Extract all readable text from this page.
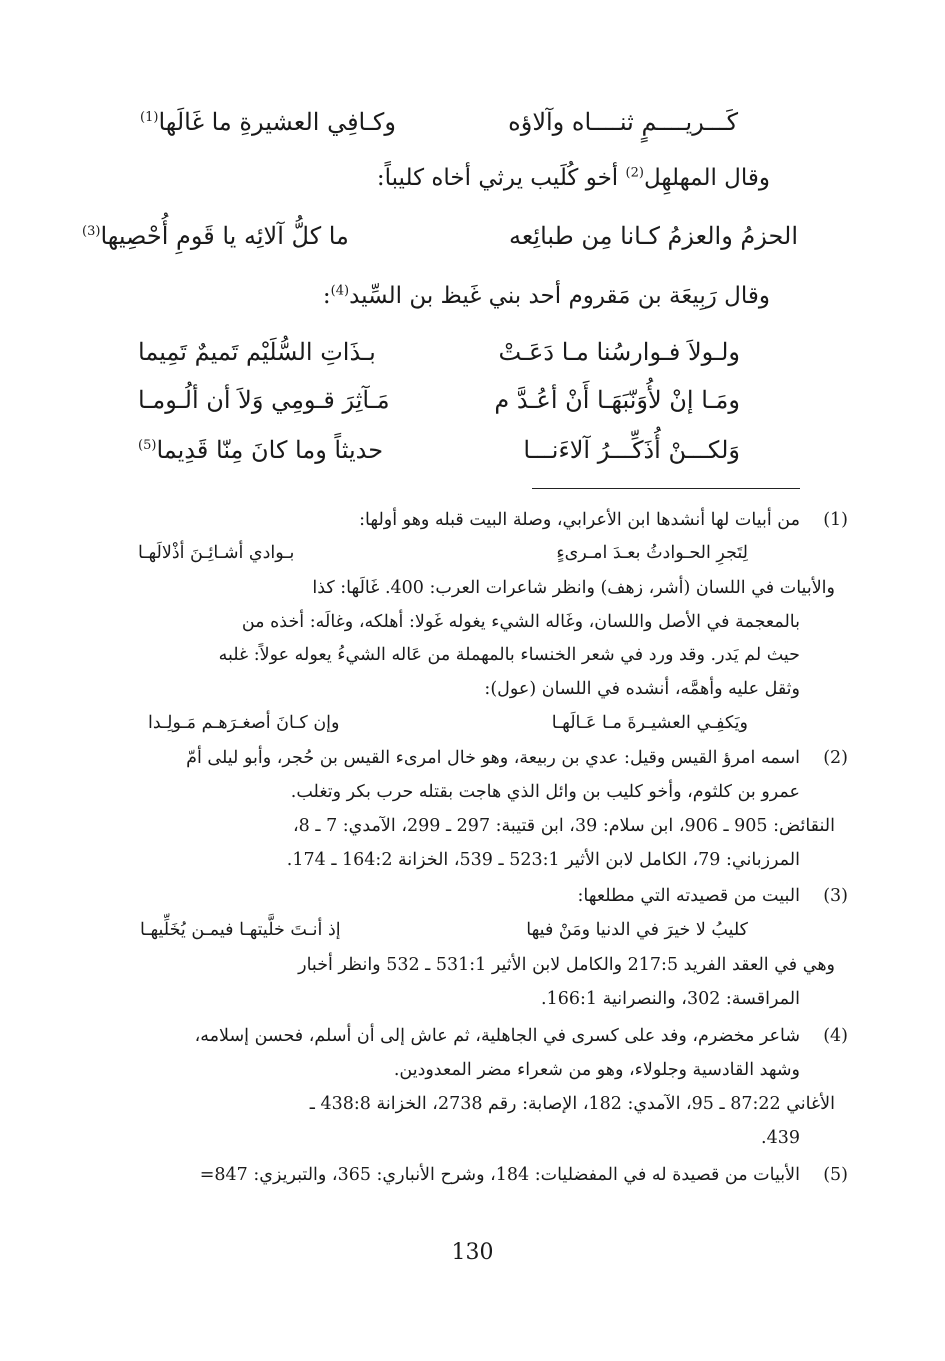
كَـــريــــمٍ ثنــــاه وآلاؤه
وكـافِي العشيرةِ ما غَالَها$^{(1)}$
وقال المهلهِل$^{(2)}$ أخو كُلَيب يرثي أخاه كليباً:
الحزمُ والعزمُ كـانا مِن طبائِعه
ما كلُّ آلائِه يا قَومِ أُحْصِيها$^{(3)}$
وقال رَبِيعَة بن مَقروم أحد بني غَيظ بن السِّيد$^{(4)}$:
ولـولاَ فـوارسُنا مـا دَعَـتْ
بـذَاتِ السُّلَيْم تَميمٌ تَمِيما
ومَـا إنْ لأُوَنّبَهَـا أَنْ أعُـدَّ م
مَـآثِرَ قـومِي وَلاَ أن ألُـومـا
وَلكـــنْ أُذَكِّـــرُ آلاءَنـــا
حديثاً وما كانَ مِنّا قَدِيما$^{(5)}$
من أبيات لها أنشدها ابن الأعرابي، وصلة البيت قبله وهو أولها: (1)
لِتَجرِ الحـوادثُ بعـدَ امـرىءٍ
بـوادي أشـائِـنَ أذْلالَهـا
والأبيات في اللسان (أشر، زهف) وانظر شاعرات العرب: 400. غَالَها: كذا
بالمعجمة في الأصل واللسان، وغَاله الشيء يغوله غَولا: أهلكه، وغالَه: أخذه من
حيث لم يَدر. وقد ورد في شعر الخنساء بالمهملة من عَاله الشيءُ يعوله عولاً: غلبه
وثقل عليه وأهمَّه، أنشده في اللسان (عول):
ويَكفِـي العشيـرةَ مـا عَـالَهـا
وإن كـانَ أصغـرَهـم مَـولِـدا
(2)
اسمه امرؤ القيس وقيل: عدي بن ربيعة، وهو خال امرىء القيس بن حُجر، وأبو ليلى أمّ
عمرو بن كلثوم، وأخو كليب بن وائل الذي هاجت بقتله حرب بكر وتغلب.
النقائض: 905 ـ 906، ابن سلام: 39، ابن قتيبة: 297 ـ 299، الآمدي: 7 ـ 8،
المرزباني: 79، الكامل لابن الأثير 523:1 ـ 539، الخزانة 164:2 ـ 174.
(3)
البيت من قصيدته التي مطلعها:
كليبُ لا خيرَ في الدنيا ومَنْ فيها
إذ أنـتَ خلَّيتهـا فيمـن يُخَلِّيهـا
وهي في العقد الفريد 217:5 والكامل لابن الأثير 531:1 ـ 532 وانظر أخبار
المراقسة: 302، والنصرانية 166:1.
(4)
شاعر مخضرم، وفد على كسرى في الجاهلية، ثم عاش إلى أن أسلم، فحسن إسلامه،
وشهد القادسية وجلولاء، وهو من شعراء مضر المعدودين.
الأغاني 87:22 ـ 95، الآمدي: 182، الإصابة: رقم 2738، الخزانة 438:8 ـ
439.
(5)
الأبيات من قصيدة له في المفضليات: 184، وشرح الأنباري: 365، والتبريزي: 847=
130
